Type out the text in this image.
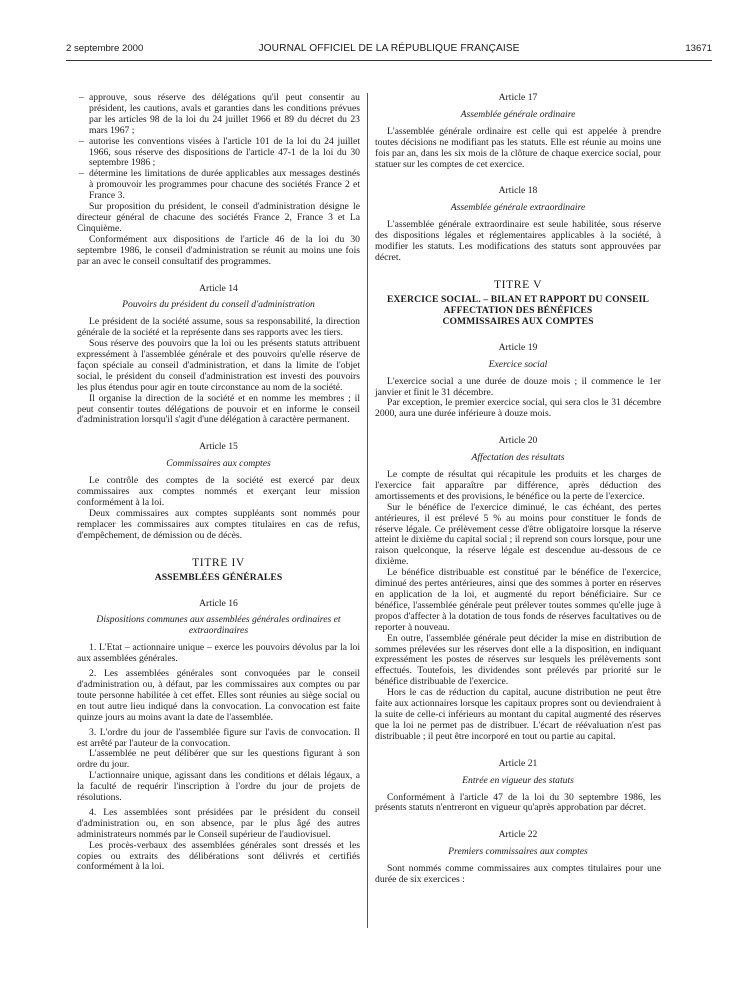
2 septembre 2000	JOURNAL OFFICIEL DE LA RÉPUBLIQUE FRANÇAISE	13671
– approuve, sous réserve des délégations qu'il peut consentir au président, les cautions, avals et garanties dans les conditions prévues par les articles 98 de la loi du 24 juillet 1966 et 89 du décret du 23 mars 1967 ;
– autorise les conventions visées à l'article 101 de la loi du 24 juillet 1966, sous réserve des dispositions de l'article 47-1 de la loi du 30 septembre 1986 ;
– détermine les limitations de durée applicables aux messages destinés à promouvoir les programmes pour chacune des sociétés France 2 et France 3.

Sur proposition du président, le conseil d'administration désigne le directeur général de chacune des sociétés France 2, France 3 et La Cinquième.

Conformément aux dispositions de l'article 46 de la loi du 30 septembre 1986, le conseil d'administration se réunit au moins une fois par an avec le conseil consultatif des programmes.

Article 14
Pouvoirs du président du conseil d'administration

Le président de la société assume, sous sa responsabilité, la direction générale de la société et la représente dans ses rapports avec les tiers.

Sous réserve des pouvoirs que la loi ou les présents statuts attribuent expressément à l'assemblée générale et des pouvoirs qu'elle réserve de façon spéciale au conseil d'administration, et dans la limite de l'objet social, le président du conseil d'administration est investi des pouvoirs les plus étendus pour agir en toute circonstance au nom de la société.

Il organise la direction de la société et en nomme les membres ; il peut consentir toutes délégations de pouvoir et en informe le conseil d'administration lorsqu'il s'agit d'une délégation à caractère permanent.

Article 15
Commissaires aux comptes

Le contrôle des comptes de la société est exercé par deux commissaires aux comptes nommés et exerçant leur mission conformément à la loi.

Deux commissaires aux comptes suppléants sont nommés pour remplacer les commissaires aux comptes titulaires en cas de refus, d'empêchement, de démission ou de décès.

TITRE IV
ASSEMBLÉES GÉNÉRALES
Article 16
Dispositions communes aux assemblées générales ordinaires et extraordinaires

1. L'Etat – actionnaire unique – exerce les pouvoirs dévolus par la loi aux assemblées générales.

2. Les assemblées générales sont convoquées par le conseil d'administration ou, à défaut, par les commissaires aux comptes ou par toute personne habilitée à cet effet. Elles sont réunies au siège social ou en tout autre lieu indiqué dans la convocation. La convocation est faite quinze jours au moins avant la date de l'assemblée.

3. L'ordre du jour de l'assemblée figure sur l'avis de convocation. Il est arrêté par l'auteur de la convocation.

L'assemblée ne peut délibérer que sur les questions figurant à son ordre du jour.

L'actionnaire unique, agissant dans les conditions et délais légaux, a la faculté de requérir l'inscription à l'ordre du jour de projets de résolutions.

4. Les assemblées sont présidées par le président du conseil d'administration ou, en son absence, par le plus âgé des autres administrateurs nommés par le Conseil supérieur de l'audiovisuel.

Les procès-verbaux des assemblées générales sont dressés et les copies ou extraits des délibérations sont délivrés et certifiés conformément à la loi.

Article 17
Assemblée générale ordinaire

L'assemblée générale ordinaire est celle qui est appelée à prendre toutes décisions ne modifiant pas les statuts. Elle est réunie au moins une fois par an, dans les six mois de la clôture de chaque exercice social, pour statuer sur les comptes de cet exercice.

Article 18
Assemblée générale extraordinaire

L'assemblée générale extraordinaire est seule habilitée, sous réserve des dispositions légales et réglementaires applicables à la société, à modifier les statuts. Les modifications des statuts sont approuvées par décret.

TITRE V
EXERCICE SOCIAL. – BILAN ET RAPPORT DU CONSEIL
AFFECTATION DES BÉNÉFICES
COMMISSAIRES AUX COMPTES
Article 19
Exercice social

L'exercice social a une durée de douze mois ; il commence le 1er janvier et finit le 31 décembre.

Par exception, le premier exercice social, qui sera clos le 31 décembre 2000, aura une durée inférieure à douze mois.

Article 20
Affectation des résultats

Le compte de résultat qui récapitule les produits et les charges de l'exercice fait apparaître par différence, après déduction des amortissements et des provisions, le bénéfice ou la perte de l'exercice.

Sur le bénéfice de l'exercice diminué, le cas échéant, des pertes antérieures, il est prélevé 5 % au moins pour constituer le fonds de réserve légale. Ce prélèvement cesse d'être obligatoire lorsque la réserve atteint le dixième du capital social ; il reprend son cours lorsque, pour une raison quelconque, la réserve légale est descendue au-dessous de ce dixième.

Le bénéfice distribuable est constitué par le bénéfice de l'exercice, diminué des pertes antérieures, ainsi que des sommes à porter en réserves en application de la loi, et augmenté du report bénéficiaire. Sur ce bénéfice, l'assemblée générale peut prélever toutes sommes qu'elle juge à propos d'affecter à la dotation de tous fonds de réserves facultatives ou de reporter à nouveau.

En outre, l'assemblée générale peut décider la mise en distribution de sommes prélevées sur les réserves dont elle a la disposition, en indiquant expressément les postes de réserves sur lesquels les prélèvements sont effectués. Toutefois, les dividendes sont prélevés par priorité sur le bénéfice distribuable de l'exercice.

Hors le cas de réduction du capital, aucune distribution ne peut être faite aux actionnaires lorsque les capitaux propres sont ou deviendraient à la suite de celle-ci inférieurs au montant du capital augmenté des réserves que la loi ne permet pas de distribuer. L'écart de réévaluation n'est pas distribuable ; il peut être incorporé en tout ou partie au capital.

Article 21
Entrée en vigueur des statuts

Conformément à l'article 47 de la loi du 30 septembre 1986, les présents statuts n'entreront en vigueur qu'après approbation par décret.

Article 22
Premiers commissaires aux comptes

Sont nommés comme commissaires aux comptes titulaires pour une durée de six exercices :
